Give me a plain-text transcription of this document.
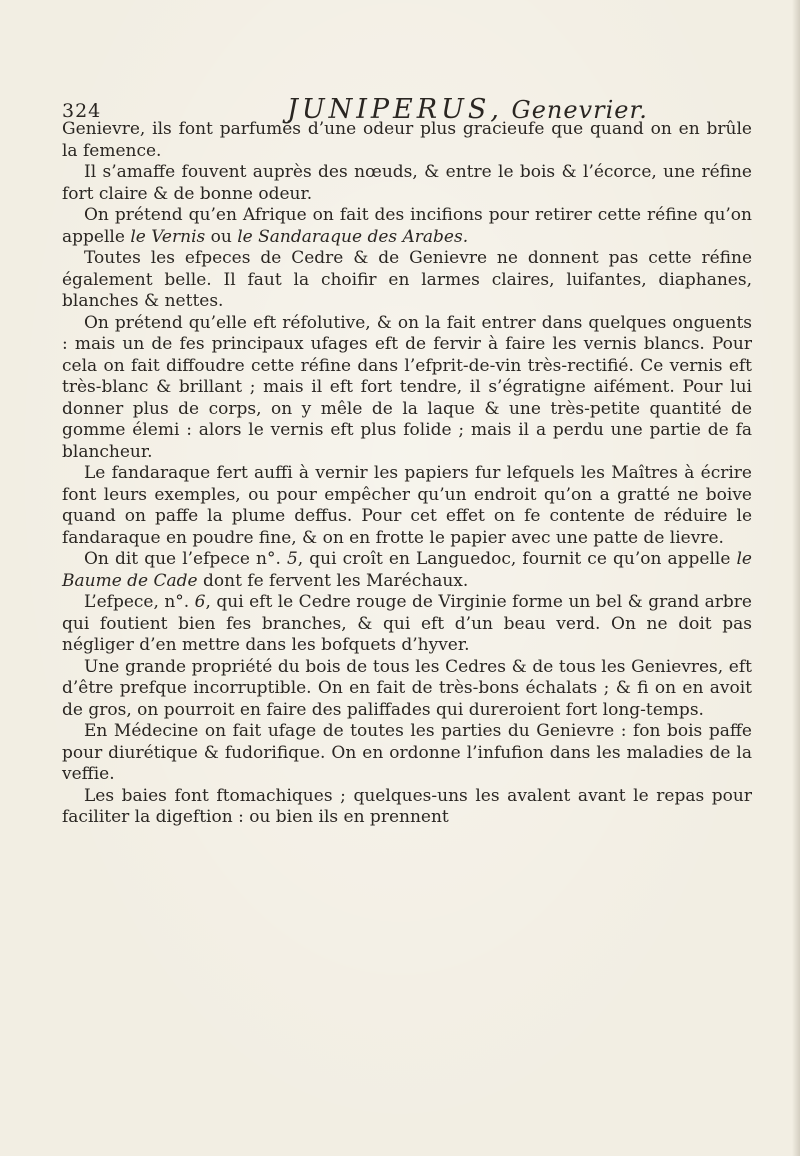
324	JUNIPERUS, Genevrier.

Genievre, ils font parfumés d’une odeur plus gracieufe que quand on en brûle la femence.

Il s’amaffe fouvent auprès des nœuds, & entre le bois & l’écorce, une réfine fort claire & de bonne odeur.

On prétend qu’en Afrique on fait des incifions pour retirer cette réfine qu’on appelle le Vernis ou le Sandaraque des Arabes.

Toutes les efpeces de Cedre & de Genievre ne donnent pas cette réfine également belle. Il faut la choifir en larmes claires, luifantes, diaphanes, blanches & nettes.

On prétend qu’elle eft réfolutive, & on la fait entrer dans quelques onguents : mais un de fes principaux ufages eft de fervir à faire les vernis blancs. Pour cela on fait diffoudre cette réfine dans l’efprit-de-vin très-rectifié. Ce vernis eft très-blanc & brillant ; mais il eft fort tendre, il s’égratigne aifément. Pour lui donner plus de corps, on y mêle de la laque & une très-petite quantité de gomme élemi : alors le vernis eft plus folide ; mais il a perdu une partie de fa blancheur.

Le fandaraque fert auffi à vernir les papiers fur lefquels les Maîtres à écrire font leurs exemples, ou pour empêcher qu’un endroit qu’on a gratté ne boive quand on paffe la plume deffus. Pour cet effet on fe contente de réduire le fandaraque en poudre fine, & on en frotte le papier avec une patte de lievre.

On dit que l’efpece n°. 5, qui croît en Languedoc, fournit ce qu’on appelle le Baume de Cade dont fe fervent les Maréchaux.

L’efpece, n°. 6, qui eft le Cedre rouge de Virginie forme un bel & grand arbre qui foutient bien fes branches, & qui eft d’un beau verd. On ne doit pas négliger d’en mettre dans les bofquets d’hyver.

Une grande propriété du bois de tous les Cedres & de tous les Genievres, eft d’être prefque incorruptible. On en fait de très-bons échalats ; & fi on en avoit de gros, on pourroit en faire des paliffades qui dureroient fort long-temps.

En Médecine on fait ufage de toutes les parties du Genievre : fon bois paffe pour diurétique & fudorifique. On en ordonne l’infufion dans les maladies de la veffie.

Les baies font ftomachiques ; quelques-uns les avalent avant le repas pour faciliter la digeftion : ou bien ils en prennent
